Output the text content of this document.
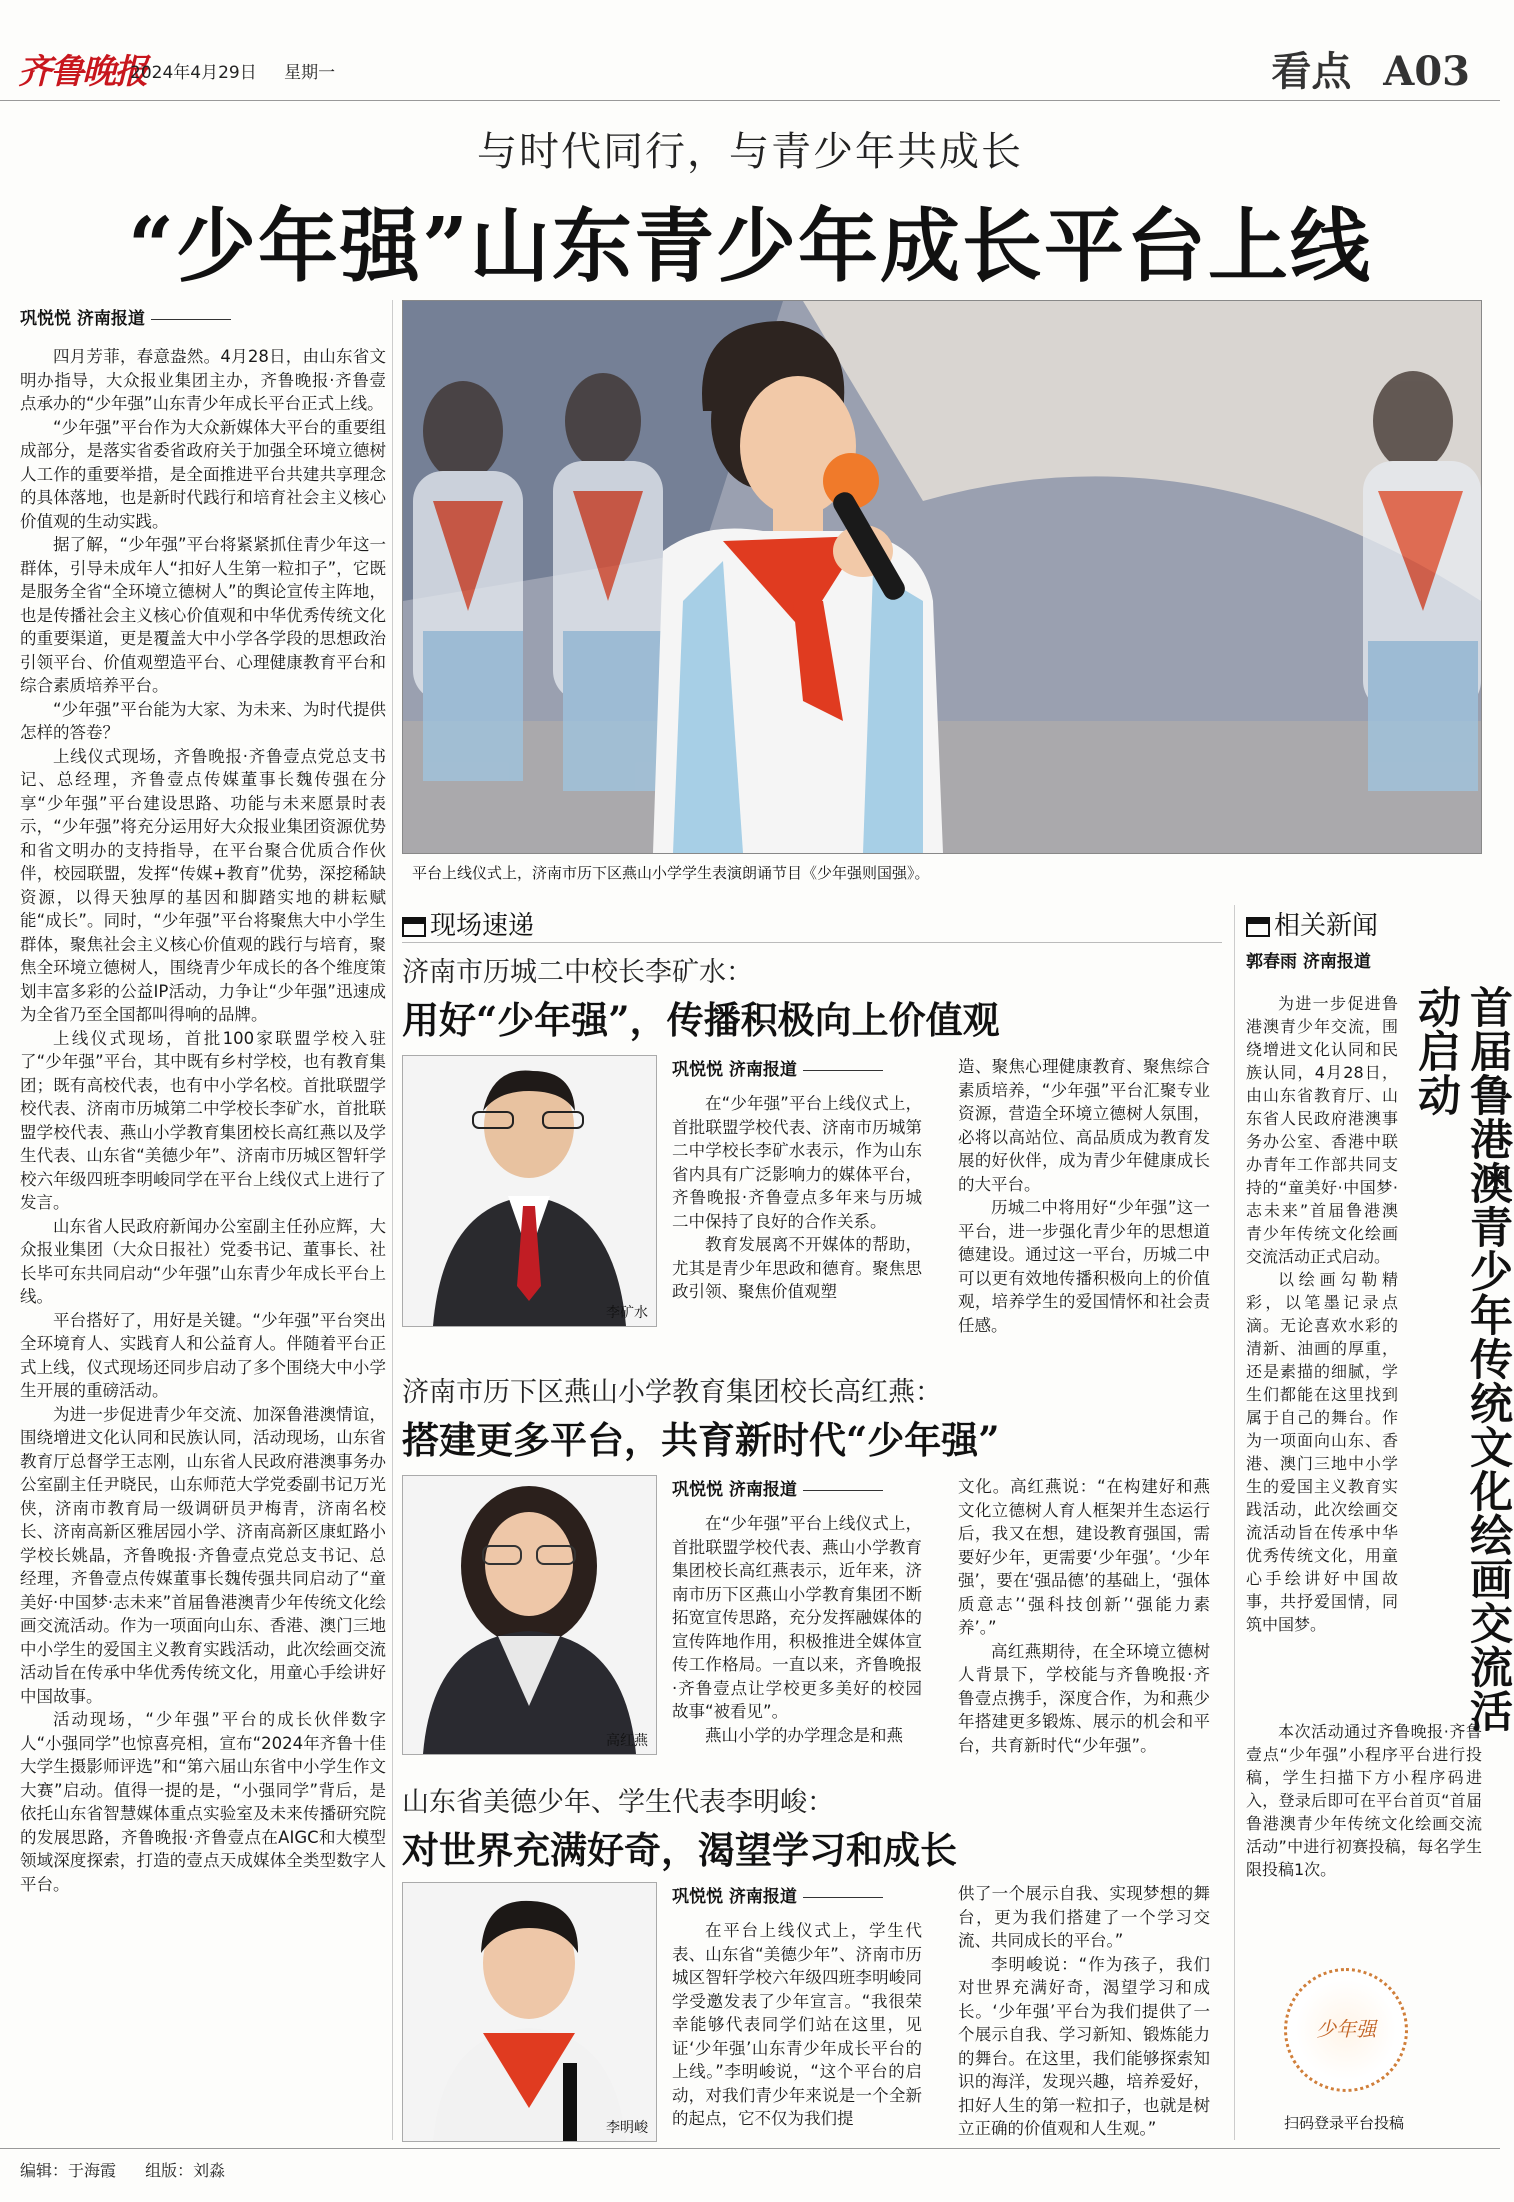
齐鲁晚报
2024年4月29日 星期一	看点 A03
与时代同行，与青少年共成长
“少年强”山东青少年成长平台上线
巩悦悦 济南报道

四月芳菲，春意盎然。4月28日，由山东省文明办指导，大众报业集团主办，齐鲁晚报·齐鲁壹点承办的“少年强”山东青少年成长平台正式上线。

“少年强”平台作为大众新媒体大平台的重要组成部分，是落实省委省政府关于加强全环境立德树人工作的重要举措，是全面推进平台共建共享理念的具体落地，也是新时代践行和培育社会主义核心价值观的生动实践。

据了解，“少年强”平台将紧紧抓住青少年这一群体，引导未成年人“扣好人生第一粒扣子”，它既是服务全省“全环境立德树人”的舆论宣传主阵地，也是传播社会主义核心价值观和中华优秀传统文化的重要渠道，更是覆盖大中小学各学段的思想政治引领平台、价值观塑造平台、心理健康教育平台和综合素质培养平台。

“少年强”平台能为大家、为未来、为时代提供怎样的答卷？

上线仪式现场，齐鲁晚报·齐鲁壹点党总支书记、总经理，齐鲁壹点传媒董事长魏传强在分享“少年强”平台建设思路、功能与未来愿景时表示，“少年强”将充分运用好大众报业集团资源优势和省文明办的支持指导，在平台聚合优质合作伙伴，校园联盟，发挥“传媒+教育”优势，深挖稀缺资源，以得天独厚的基因和脚踏实地的耕耘赋能“成长”。同时，“少年强”平台将聚焦大中小学生群体，聚焦社会主义核心价值观的践行与培育，聚焦全环境立德树人，围绕青少年成长的各个维度策划丰富多彩的公益IP活动，力争让“少年强”迅速成为全省乃至全国都叫得响的品牌。

上线仪式现场，首批100家联盟学校入驻了“少年强”平台，其中既有乡村学校，也有教育集团；既有高校代表，也有中小学名校。首批联盟学校代表、济南市历城第二中学校长李矿水，首批联盟学校代表、燕山小学教育集团校长高红燕以及学生代表、山东省“美德少年”、济南市历城区智轩学校六年级四班李明峻同学在平台上线仪式上进行了发言。

山东省人民政府新闻办公室副主任孙应辉，大众报业集团（大众日报社）党委书记、董事长、社长毕可东共同启动“少年强”山东青少年成长平台上线。

平台搭好了，用好是关键。“少年强”平台突出全环境育人、实践育人和公益育人。伴随着平台正式上线，仪式现场还同步启动了多个围绕大中小学生开展的重磅活动。

为进一步促进青少年交流、加深鲁港澳情谊，围绕增进文化认同和民族认同，活动现场，山东省教育厅总督学王志刚，山东省人民政府港澳事务办公室副主任尹晓民，山东师范大学党委副书记万光侠，济南市教育局一级调研员尹梅青，济南名校长、济南高新区雅居园小学、济南高新区康虹路小学校长姚晶，齐鲁晚报·齐鲁壹点党总支书记、总经理，齐鲁壹点传媒董事长魏传强共同启动了“童美好·中国梦·志未来”首届鲁港澳青少年传统文化绘画交流活动。作为一项面向山东、香港、澳门三地中小学生的爱国主义教育实践活动，此次绘画交流活动旨在传承中华优秀传统文化，用童心手绘讲好中国故事。

活动现场，“少年强”平台的成长伙伴数字人“小强同学”也惊喜亮相，宣布“2024年齐鲁十佳大学生摄影师评选”和“第六届山东省中小学生作文大赛”启动。值得一提的是，“小强同学”背后，是依托山东省智慧媒体重点实验室及未来传播研究院的发展思路，齐鲁晚报·齐鲁壹点在AIGC和大模型领域深度探索，打造的壹点天成媒体全类型数字人平台。

平台上线仪式上，济南市历下区燕山小学学生表演朗诵节目《少年强则国强》。
现场速递
济南市历城二中校长李矿水：
用好“少年强”，传播积极向上价值观
李矿水
巩悦悦 济南报道

在“少年强”平台上线仪式上，首批联盟学校代表、济南市历城第二中学校长李矿水表示，作为山东省内具有广泛影响力的媒体平台，齐鲁晚报·齐鲁壹点多年来与历城二中保持了良好的合作关系。

教育发展离不开媒体的帮助，尤其是青少年思政和德育。聚焦思政引领、聚焦价值观塑

造、聚焦心理健康教育、聚焦综合素质培养，“少年强”平台汇聚专业资源，营造全环境立德树人氛围，必将以高站位、高品质成为教育发展的好伙伴，成为青少年健康成长的大平台。

历城二中将用好“少年强”这一平台，进一步强化青少年的思想道德建设。通过这一平台，历城二中可以更有效地传播积极向上的价值观，培养学生的爱国情怀和社会责任感。

济南市历下区燕山小学教育集团校长高红燕：
搭建更多平台，共育新时代“少年强”
高红燕
巩悦悦 济南报道

在“少年强”平台上线仪式上，首批联盟学校代表、燕山小学教育集团校长高红燕表示，近年来，济南市历下区燕山小学教育集团不断拓宽宣传思路，充分发挥融媒体的宣传阵地作用，积极推进全媒体宣传工作格局。一直以来，齐鲁晚报·齐鲁壹点让学校更多美好的校园故事“被看见”。

燕山小学的办学理念是和燕

文化。高红燕说：“在构建好和燕文化立德树人育人框架并生态运行后，我又在想，建设教育强国，需要好少年，更需要‘少年强’。‘少年强’，要在‘强品德’的基础上，‘强体质意志’‘强科技创新’‘强能力素养’。”

高红燕期待，在全环境立德树人背景下，学校能与齐鲁晚报·齐鲁壹点携手，深度合作，为和燕少年搭建更多锻炼、展示的机会和平台，共育新时代“少年强”。

山东省美德少年、学生代表李明峻：
对世界充满好奇，渴望学习和成长
李明峻
巩悦悦 济南报道

在平台上线仪式上，学生代表、山东省“美德少年”、济南市历城区智轩学校六年级四班李明峻同学受邀发表了少年宣言。“我很荣幸能够代表同学们站在这里，见证‘少年强’山东青少年成长平台的上线。”李明峻说，“这个平台的启动，对我们青少年来说是一个全新的起点，它不仅为我们提

供了一个展示自我、实现梦想的舞台，更为我们搭建了一个学习交流、共同成长的平台。”

李明峻说：“作为孩子，我们对世界充满好奇，渴望学习和成长。‘少年强’平台为我们提供了一个展示自我、学习新知、锻炼能力的舞台。在这里，我们能够探索知识的海洋，发现兴趣，培养爱好，扣好人生的第一粒扣子，也就是树立正确的价值观和人生观。”

相关新闻
郭春雨 济南报道
首届鲁港澳青少年传统文化绘画交流活动启动

为进一步促进鲁港澳青少年交流，围绕增进文化认同和民族认同，4月28日，由山东省教育厅、山东省人民政府港澳事务办公室、香港中联办青年工作部共同支持的“童美好·中国梦·志未来”首届鲁港澳青少年传统文化绘画交流活动正式启动。

以绘画勾勒精彩，以笔墨记录点滴。无论喜欢水彩的清新、油画的厚重，还是素描的细腻，学生们都能在这里找到属于自己的舞台。作为一项面向山东、香港、澳门三地中小学生的爱国主义教育实践活动，此次绘画交流活动旨在传承中华优秀传统文化，用童心手绘讲好中国故事，共抒爱国情，同筑中国梦。

本次活动通过齐鲁晚报·齐鲁壹点“少年强”小程序平台进行投稿，学生扫描下方小程序码进入，登录后即可在平台首页“首届鲁港澳青少年传统文化绘画交流活动”中进行初赛投稿，每名学生限投稿1次。

少年强
扫码登录平台投稿
编辑：于海霞 组版：刘淼
